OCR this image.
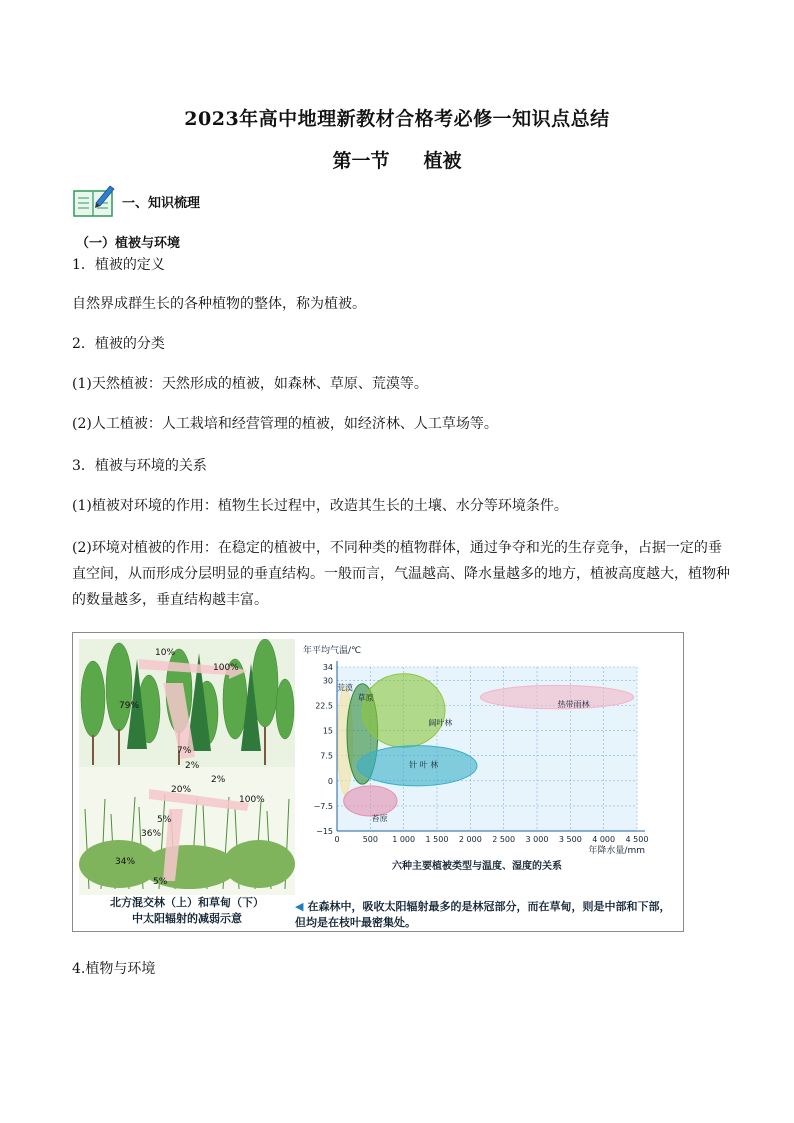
2023年高中地理新教材合格考必修一知识点总结
第一节 植被
一、知识梳理
（一）植被与环境
1．植被的定义
自然界成群生长的各种植物的整体，称为植被。
2．植被的分类
(1)天然植被：天然形成的植被，如森林、草原、荒漠等。
(2)人工植被：人工栽培和经营管理的植被，如经济林、人工草场等。
3．植被与环境的关系
(1)植被对环境的作用：植物生长过程中，改造其生长的土壤、水分等环境条件。
(2)环境对植被的作用：在稳定的植被中，不同种类的植物群体，通过争夺和光的生存竞争，占据一定的垂直空间，从而形成分层明显的垂直结构。一般而言，气温越高、降水量越多的地方，植被高度越大，植物种的数量越多，垂直结构越丰富。
10%
100%
79%
7%
2%
2%
20%
100%
5%
36%
34%
5%
北方混交林（上）和草甸（下）
中太阳辐射的减弱示意
荒漠
草原
阔叶林
针 叶 林
苔原
热带雨林
34
30
22.5
15
7.5
0
−7.5
−15
0	500 1 000 1 500 2 000 2 500 3 000 3 500 4 000 4 500
年平均气温/℃
年降水量/mm
六种主要植被类型与温度、湿度的关系
◀ 在森林中，吸收太阳辐射最多的是林冠部分，而在草甸，则是中部和下部，但均是在枝叶最密集处。
4.植物与环境
